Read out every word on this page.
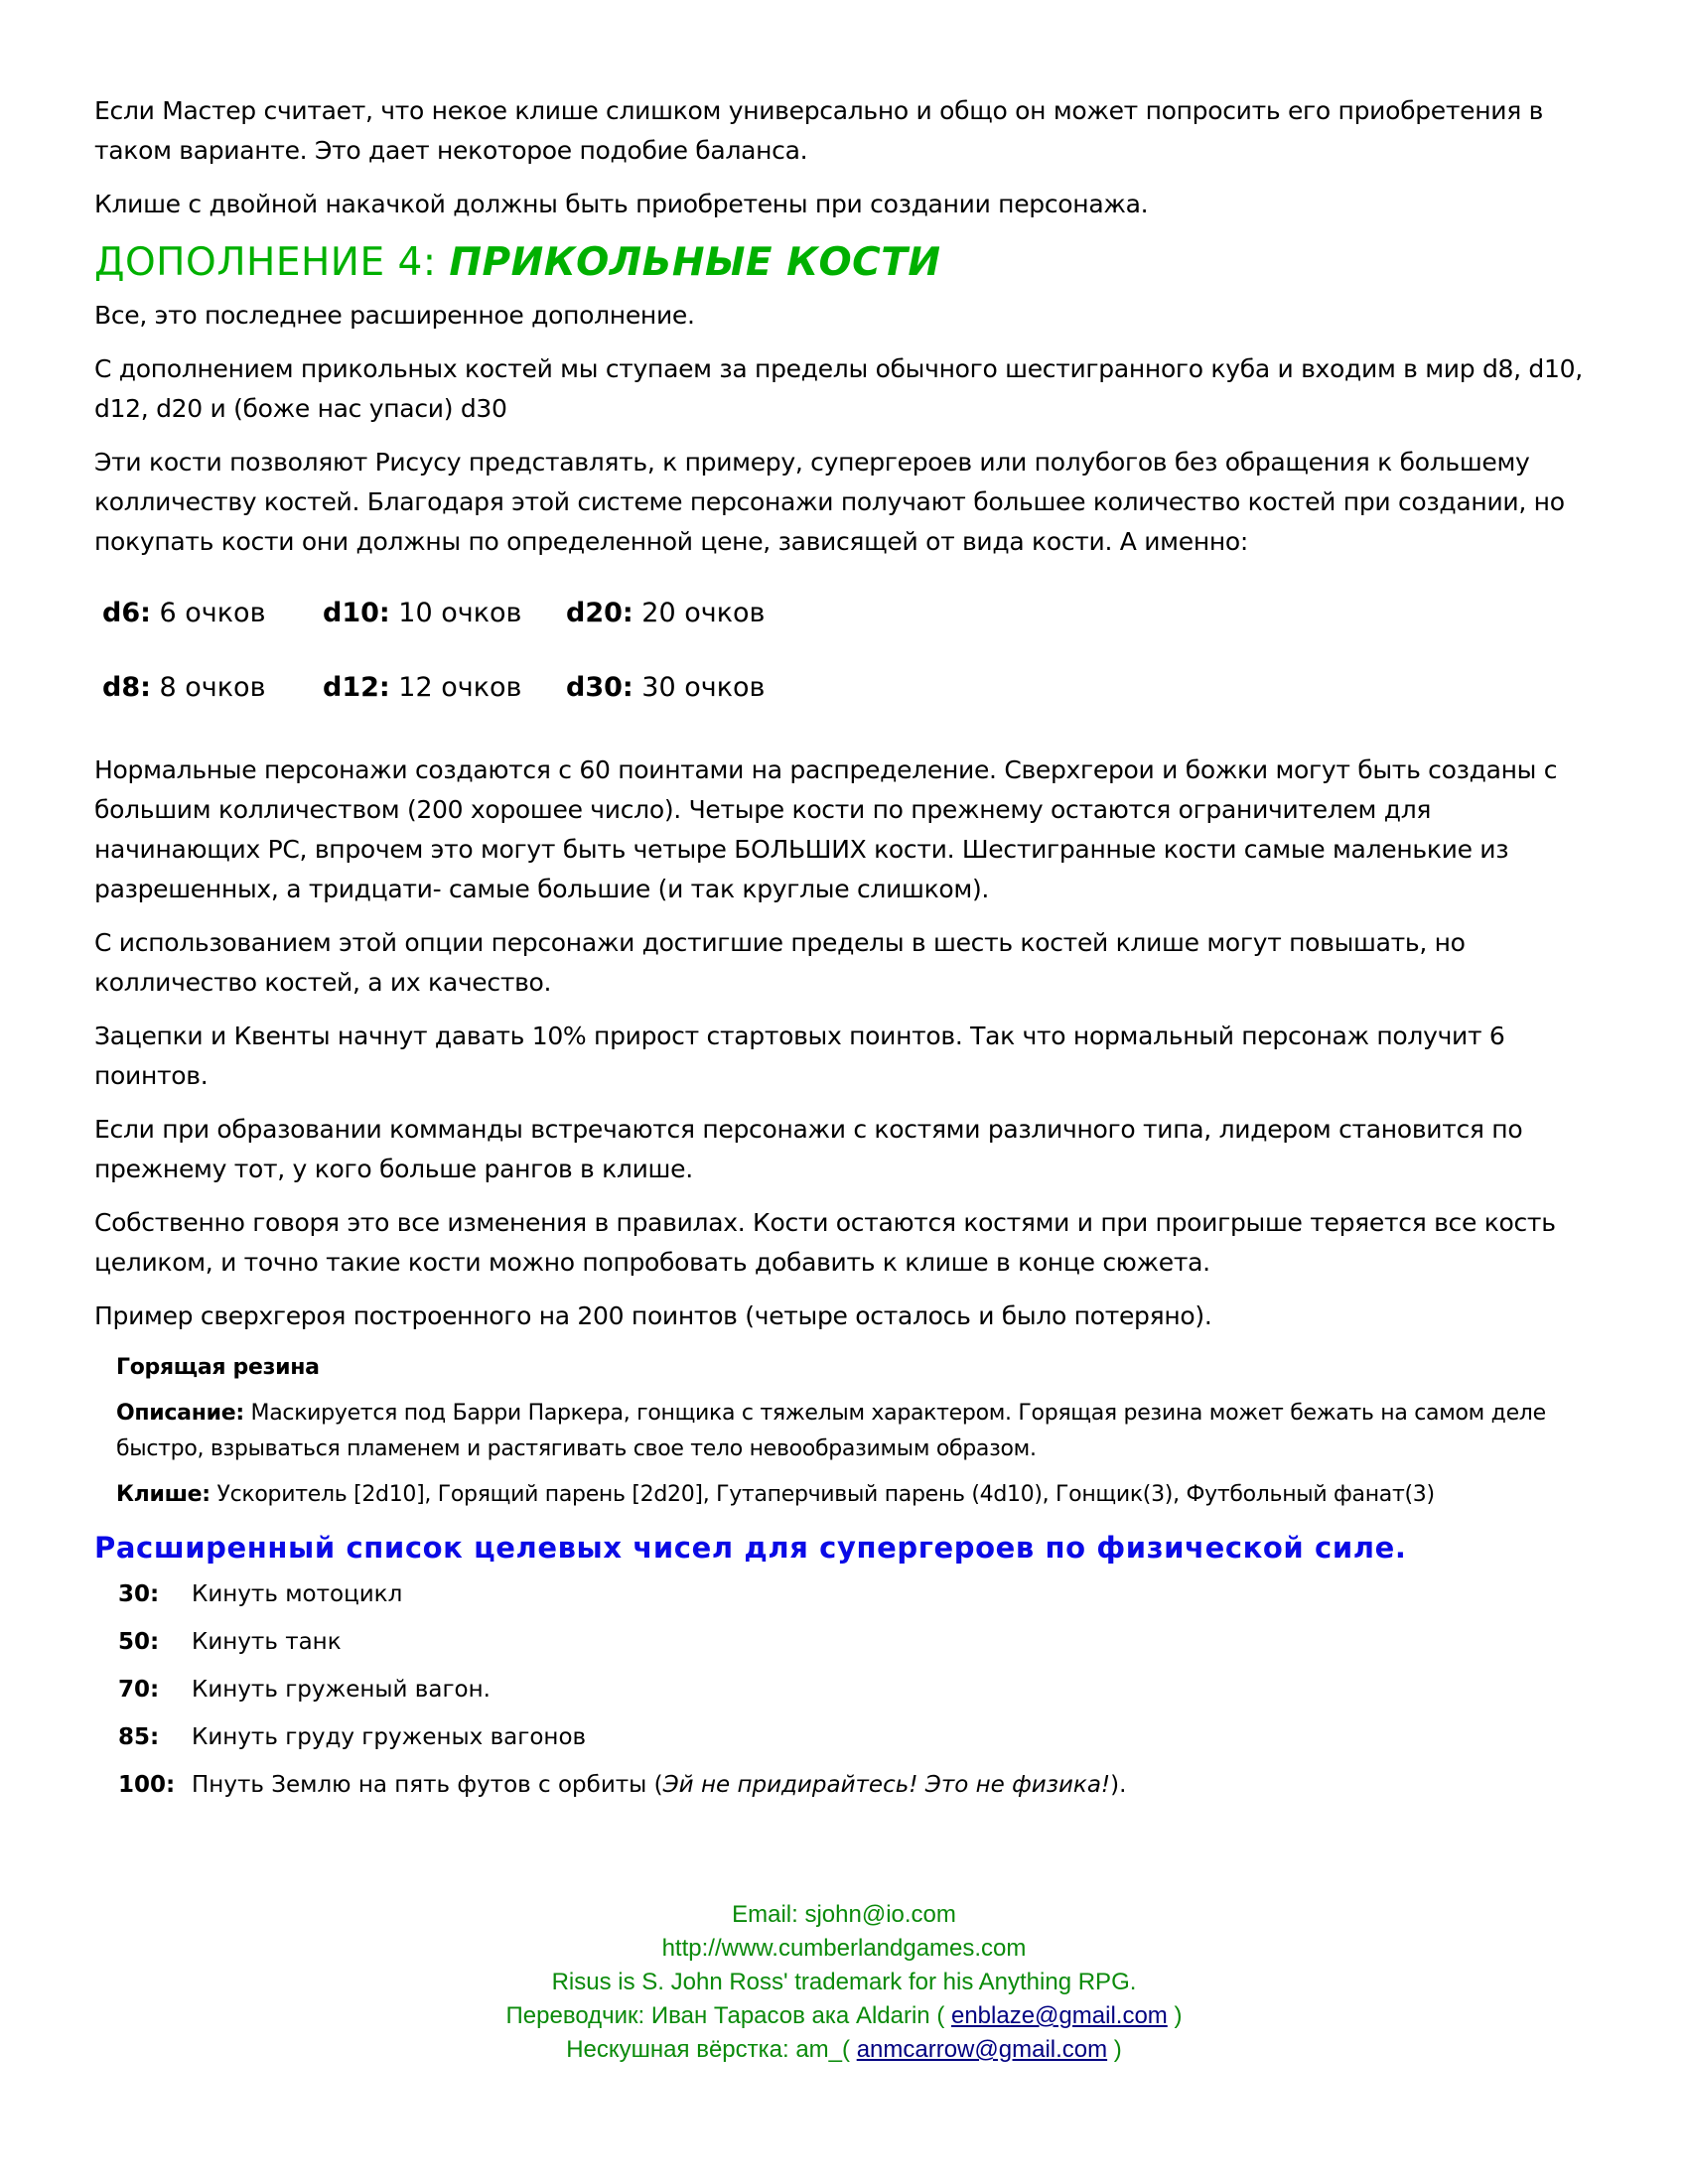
Если Мастер считает, что некое клише слишком универсально и общо он может попросить его приобретения в таком варианте. Это дает некоторое подобие баланса.

Клише с двойной накачкой должны быть приобретены при создании персонажа.

ДОПОЛНЕНИЕ 4: ПРИКОЛЬНЫЕ КОСТИ

Все, это последнее расширенное дополнение.

С дополнением прикольных костей мы ступаем за пределы обычного шестигранного куба и входим в мир d8, d10, d12, d20 и (боже нас упаси) d30

Эти кости позволяют Рисусу представлять, к примеру, супергероев или полубогов без обращения к большему колличеству костей. Благодаря этой системе персонажи получают большее количество костей при создании, но покупать кости они должны по определенной цене, зависящей от вида кости. А именно:

d6: 6 очков	d10: 10 очков	d20: 20 очков
d8: 8 очков	d12: 12 очков	d30: 30 очков

Нормальные персонажи создаются с 60 поинтами на распределение. Сверхгерои и божки могут быть созданы с большим колличеством (200 хорошее число). Четыре кости по прежнему остаются ограничителем для начинающих PC, впрочем это могут быть четыре БОЛЬШИХ кости. Шестигранные кости самые маленькие из разрешенных, а тридцати- самые большие (и так круглые слишком).

С использованием этой опции персонажи достигшие пределы в шесть костей клише могут повышать, но колличество костей, а их качество.

Зацепки и Квенты начнут давать 10% прирост стартовых поинтов. Так что нормальный персонаж получит 6 поинтов.

Если при образовании комманды встречаются персонажи с костями различного типа, лидером становится по прежнему тот, у кого больше рангов в клише.

Собственно говоря это все изменения в правилах. Кости остаются костями и при проигрыше теряется все кость целиком, и точно такие кости можно попробовать добавить к клише в конце сюжета.

Пример сверхгероя построенного на 200 поинтов (четыре осталось и было потеряно).

Горящая резина

Описание: Маскируется под Барри Паркера, гонщика с тяжелым характером. Горящая резина может бежать на самом деле быстро, взрываться пламенем и растягивать свое тело невообразимым образом.

Клише: Ускоритель [2d10], Горящий парень [2d20], Гутаперчивый парень (4d10), Гонщик(3), Футбольный фанат(3)

Расширенный список целевых чисел для супергероев по физической силе.
30:	Кинуть мотоцикл
50:	Кинуть танк
70:	Кинуть груженый вагон.
85:	Кинуть груду груженых вагонов
100: Пнуть Землю на пять футов с орбиты (Эй не придирайтесь! Это не физика!).
Email: sjohn@io.com
http://www.cumberlandgames.com
Risus is S. John Ross' trademark for his Anything RPG.
Переводчик: Иван Тарасов ака Aldarin ( enblaze@gmail.com )
Нескушная вёрстка: am_( anmcarrow@gmail.com )
